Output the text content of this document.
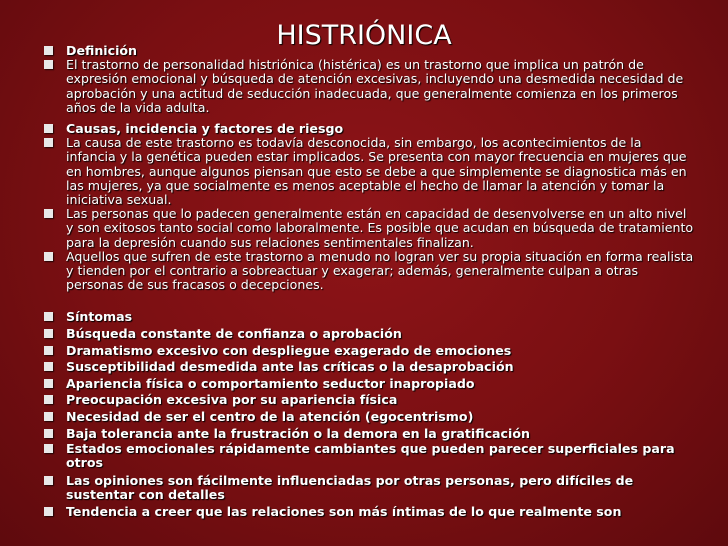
HISTRIÓNICA
Definición
El trastorno de personalidad histriónica (histérica) es un trastorno que implica un patrón de expresión emocional y búsqueda de atención excesivas, incluyendo una desmedida necesidad de aprobación y una actitud de seducción inadecuada, que generalmente comienza en los primeros años de la vida adulta.
Causas, incidencia y factores de riesgo
La causa de este trastorno es todavía desconocida, sin embargo, los acontecimientos de la infancia y la genética pueden estar implicados. Se presenta con mayor frecuencia en mujeres que en hombres, aunque algunos piensan que esto se debe a que simplemente se diagnostica más en las mujeres, ya que socialmente es menos aceptable el hecho de llamar la atención y tomar la iniciativa sexual.
Las personas que lo padecen generalmente están en capacidad de desenvolverse en un alto nivel y son exitosos tanto social como laboralmente. Es posible que acudan en búsqueda de tratamiento para la depresión cuando sus relaciones sentimentales finalizan.
Aquellos que sufren de este trastorno a menudo no logran ver su propia situación en forma realista y tienden por el contrario a sobreactuar y exagerar; además, generalmente culpan a otras personas de sus fracasos o decepciones.
Síntomas
Búsqueda constante de confianza o aprobación
Dramatismo excesivo con despliegue exagerado de emociones
Susceptibilidad desmedida ante las críticas o la desaprobación
Apariencia física o comportamiento seductor inapropiado
Preocupación excesiva por su apariencia física
Necesidad de ser el centro de la atención (egocentrismo)
Baja tolerancia ante la frustración o la demora en la gratificación
Estados emocionales rápidamente cambiantes que pueden parecer superficiales para otros
Las opiniones son fácilmente influenciadas por otras personas, pero difíciles de sustentar con detalles
Tendencia a creer que las relaciones son más íntimas de lo que realmente son
